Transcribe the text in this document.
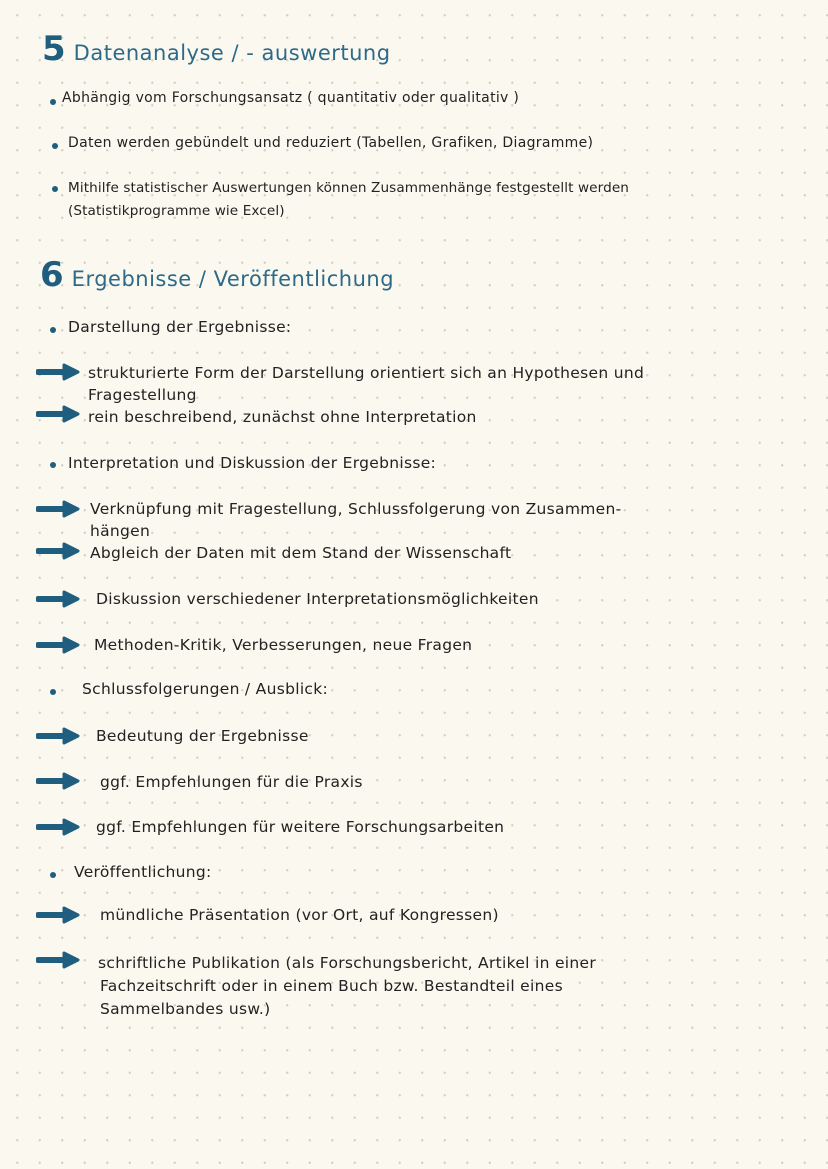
5 Datenanalyse / - auswertung
Abhängig vom Forschungsansatz ( quantitativ oder qualitativ )
Daten werden gebündelt und reduziert (Tabellen, Grafiken, Diagramme)
Mithilfe statistischer Auswertungen können Zusammenhänge festgestellt werden
(Statistikprogramme wie Excel)
6 Ergebnisse / Veröffentlichung
Darstellung der Ergebnisse:
strukturierte Form der Darstellung orientiert sich an Hypothesen und
Fragestellung
rein beschreibend, zunächst ohne Interpretation
Interpretation und Diskussion der Ergebnisse:
Verknüpfung mit Fragestellung, Schlussfolgerung von Zusammen-
hängen
Abgleich der Daten mit dem Stand der Wissenschaft
Diskussion verschiedener Interpretationsmöglichkeiten
Methoden-Kritik, Verbesserungen, neue Fragen
Schlussfolgerungen / Ausblick:
Bedeutung der Ergebnisse
ggf. Empfehlungen für die Praxis
ggf. Empfehlungen für weitere Forschungsarbeiten
Veröffentlichung:
mündliche Präsentation (vor Ort, auf Kongressen)
schriftliche Publikation (als Forschungsbericht, Artikel in einer
Fachzeitschrift oder in einem Buch bzw. Bestandteil eines
Sammelbandes usw.)
